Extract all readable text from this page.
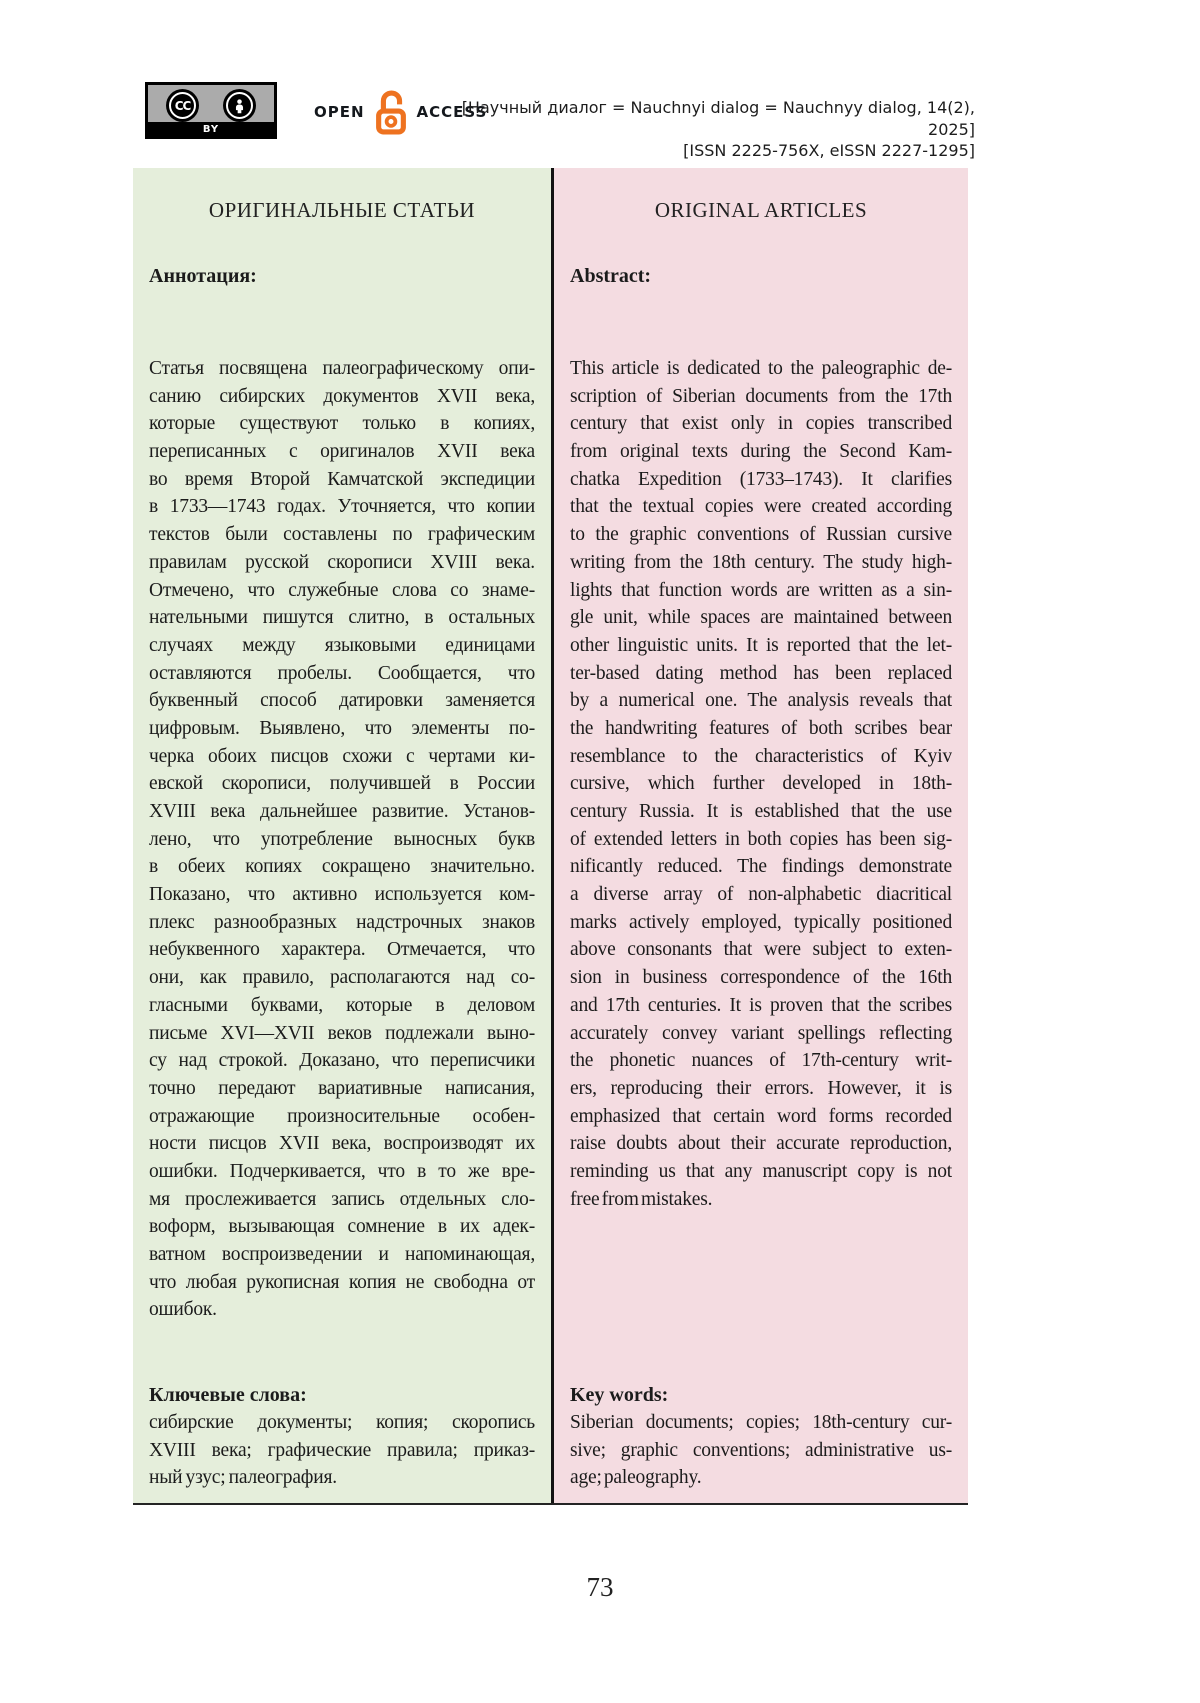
CC
BY
OPEN	ACCESS
[Научный диалог = Nauchnyi dialog = Nauchnyy dialog, 14(2), 2025]
[ISSN 2225-756X, eISSN 2227-1295]
ОРИГИНАЛЬНЫЕ СТАТЬИ
Аннотация:
Статья посвящена палеографическому опи-
санию сибирских документов XVII века,
которые существуют только в копиях,
переписанных с оригиналов XVII века
во время Второй Камчатской экспедиции
в 1733—1743 годах. Уточняется, что копии
текстов были составлены по графическим
правилам русской скорописи XVIII века.
Отмечено, что служебные слова со знаме-
нательными пишутся слитно, в остальных
случаях между языковыми единицами
оставляются пробелы. Сообщается, что
буквенный способ датировки заменяется
цифровым. Выявлено, что элементы по-
черка обоих писцов схожи с чертами ки-
евской скорописи, получившей в России
XVIII века дальнейшее развитие. Установ-
лено, что употребление выносных букв
в обеих копиях сокращено значительно.
Показано, что активно используется ком-
плекс разнообразных надстрочных знаков
небуквенного характера. Отмечается, что
они, как правило, располагаются над со-
гласными буквами, которые в деловом
письме XVI—XVII веков подлежали выно-
су над строкой. Доказано, что переписчики
точно передают вариативные написания,
отражающие произносительные особен-
ности писцов XVII века, воспроизводят их
ошибки. Подчеркивается, что в то же вре-
мя прослеживается запись отдельных сло-
воформ, вызывающая сомнение в их адек-
ватном воспроизведении и напоминающая,
что любая рукописная копия не свободна от
ошибок.
Ключевые слова:
сибирские документы; копия; скоропись
XVIII века; графические правила; приказ-
ный узус; палеография.
ORIGINAL ARTICLES
Abstract:
This article is dedicated to the paleographic de-
scription of Siberian documents from the 17th
century that exist only in copies transcribed
from original texts during the Second Kam-
chatka Expedition (1733–1743). It clarifies
that the textual copies were created according
to the graphic conventions of Russian cursive
writing from the 18th century. The study high-
lights that function words are written as a sin-
gle unit, while spaces are maintained between
other linguistic units. It is reported that the let-
ter-based dating method has been replaced
by a numerical one. The analysis reveals that
the handwriting features of both scribes bear
resemblance to the characteristics of Kyiv
cursive, which further developed in 18th-
century Russia. It is established that the use
of extended letters in both copies has been sig-
nificantly reduced. The findings demonstrate
a diverse array of non-alphabetic diacritical
marks actively employed, typically positioned
above consonants that were subject to exten-
sion in business correspondence of the 16th
and 17th centuries. It is proven that the scribes
accurately convey variant spellings reflecting
the phonetic nuances of 17th-century writ-
ers, reproducing their errors. However, it is
emphasized that certain word forms recorded
raise doubts about their accurate reproduction,
reminding us that any manuscript copy is not
free from mistakes.
Key words:
Siberian documents; copies; 18th-century cur-
sive; graphic conventions; administrative us-
age; paleography.
73
